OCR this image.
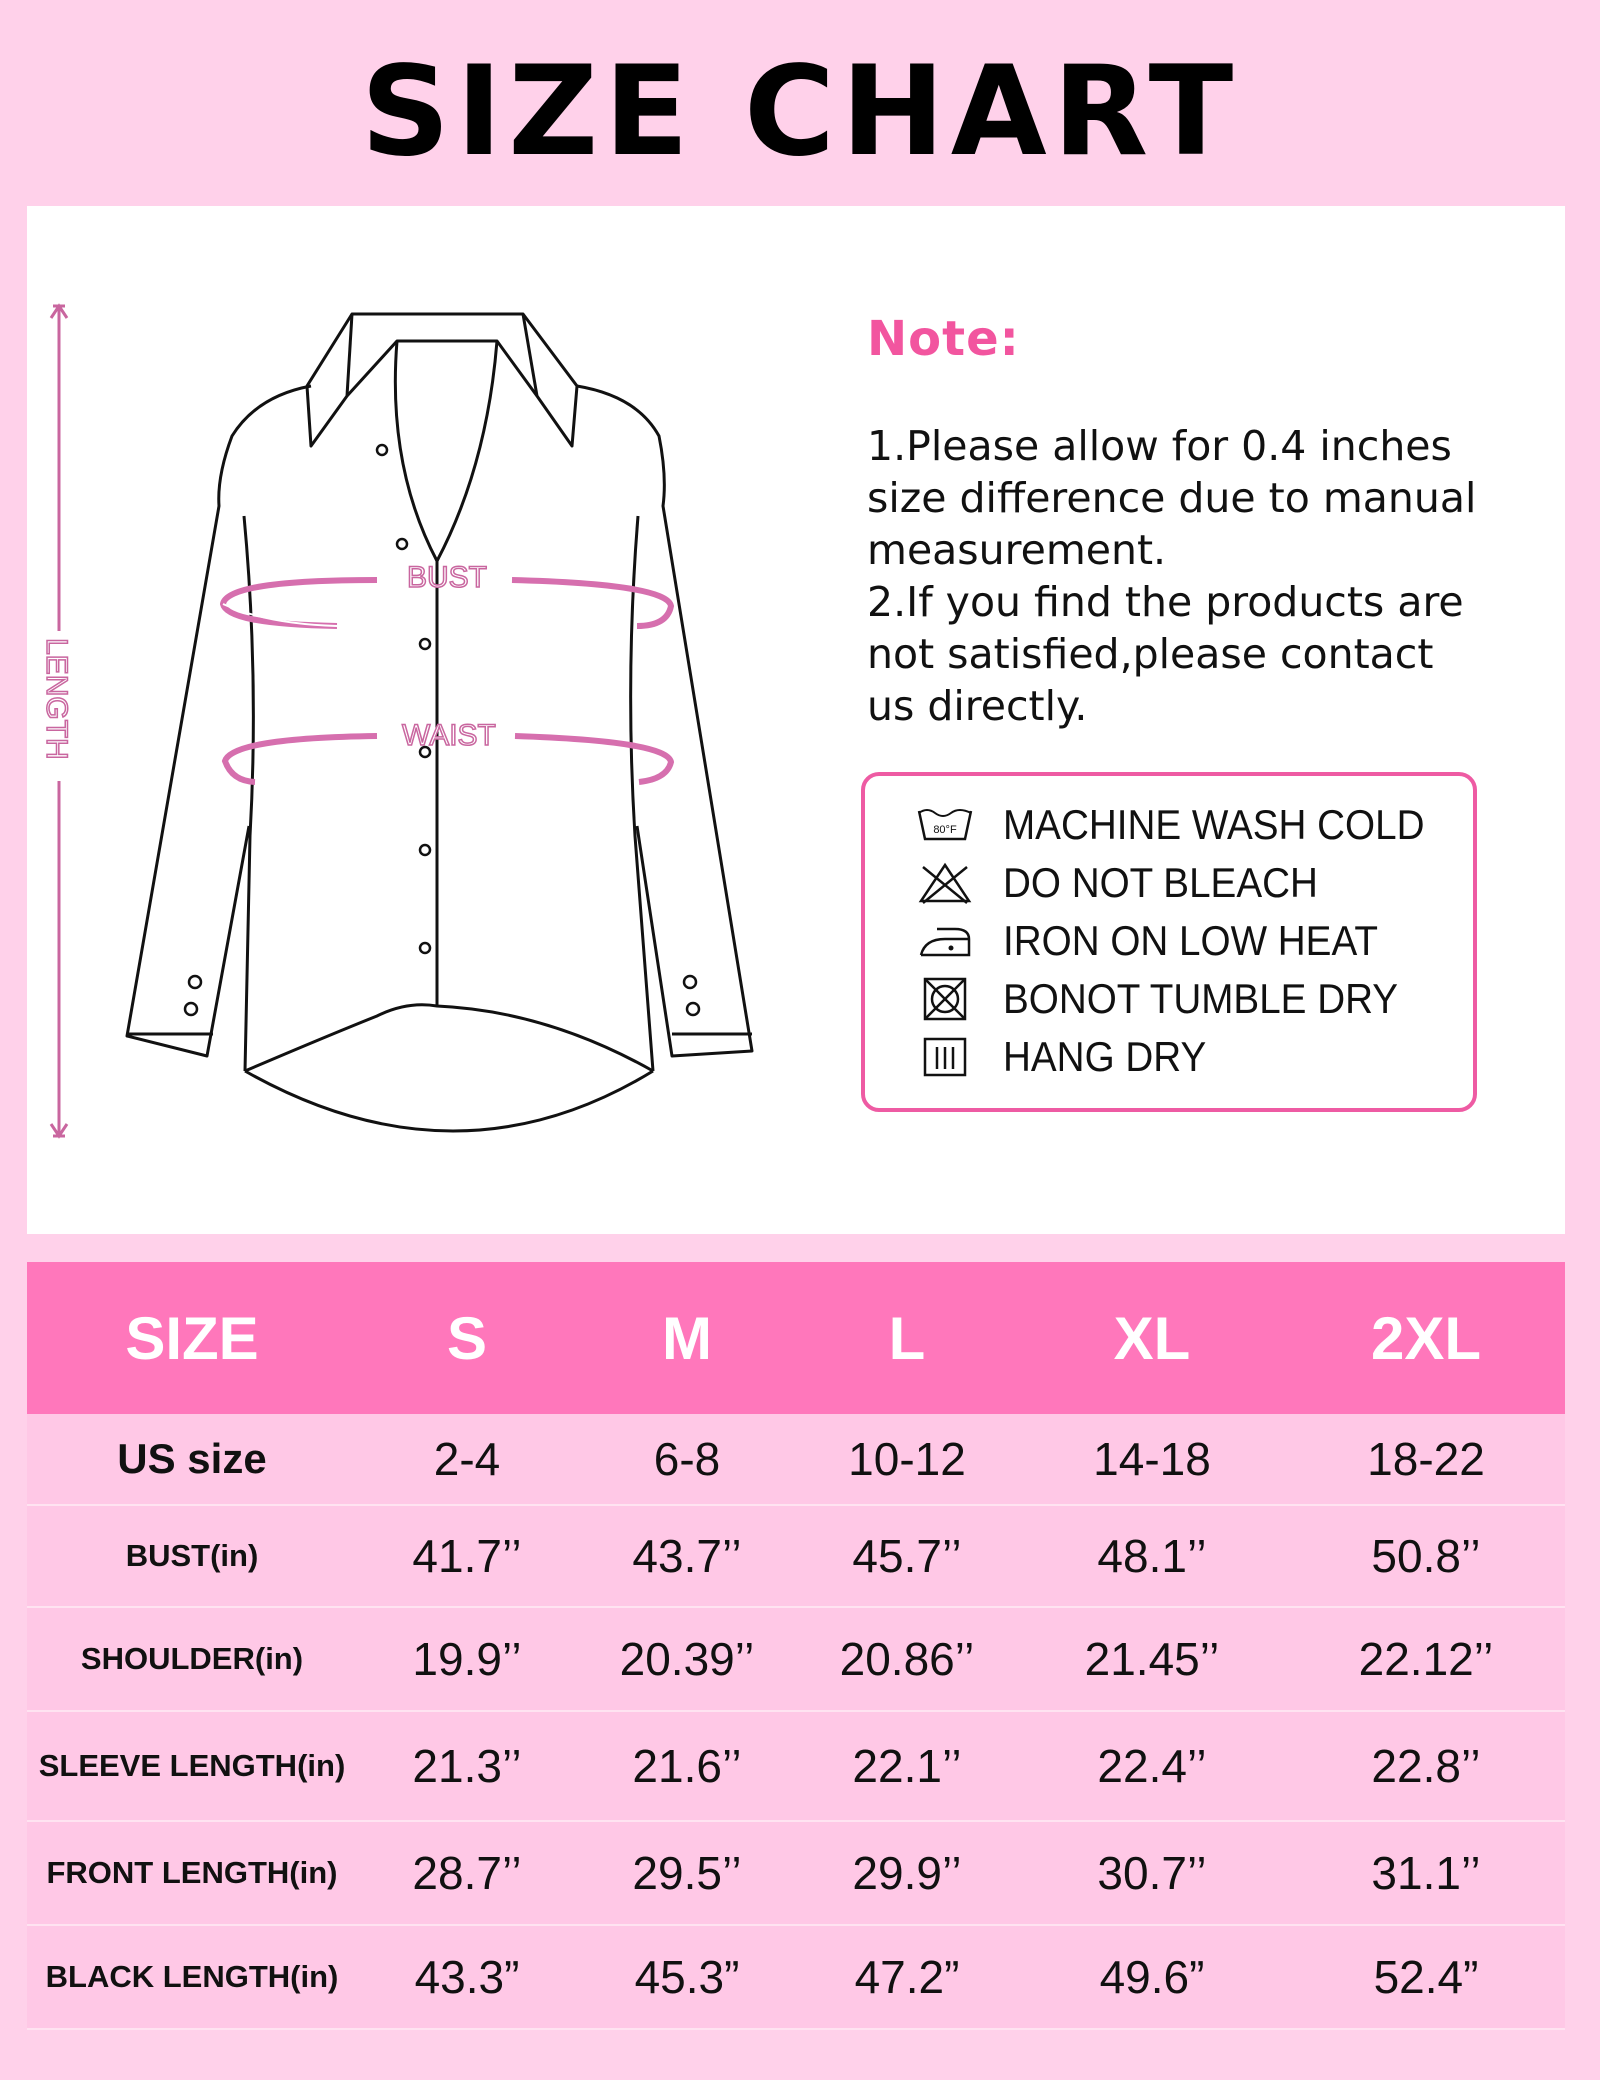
SIZE CHART
LENGTH
BUST
WAIST
Note:
1.Please allow for 0.4 inches
size difference due to manual
measurement.
2.If you find the products are
not satisfied,please contact
us directly.
80°F MACHINE WASH COLD
DO NOT BLEACH
IRON ON LOW HEAT
BONOT TUMBLE DRY
HANG DRY
SIZE	S	M	L	XL	2XL
US size	2-4	6-8	10-12	14-18	18-22
BUST(in)	41.7’’	43.7’’	45.7’’	48.1’’	50.8’’
SHOULDER(in)	19.9’’	20.39’’	20.86’’	21.45’’	22.12’’
SLEEVE LENGTH(in)	21.3’’	21.6’’	22.1’’	22.4’’	22.8’’
FRONT LENGTH(in)	28.7’’	29.5’’	29.9’’	30.7’’	31.1’’
BLACK LENGTH(in)	43.3”	45.3”	47.2”	49.6”	52.4”
